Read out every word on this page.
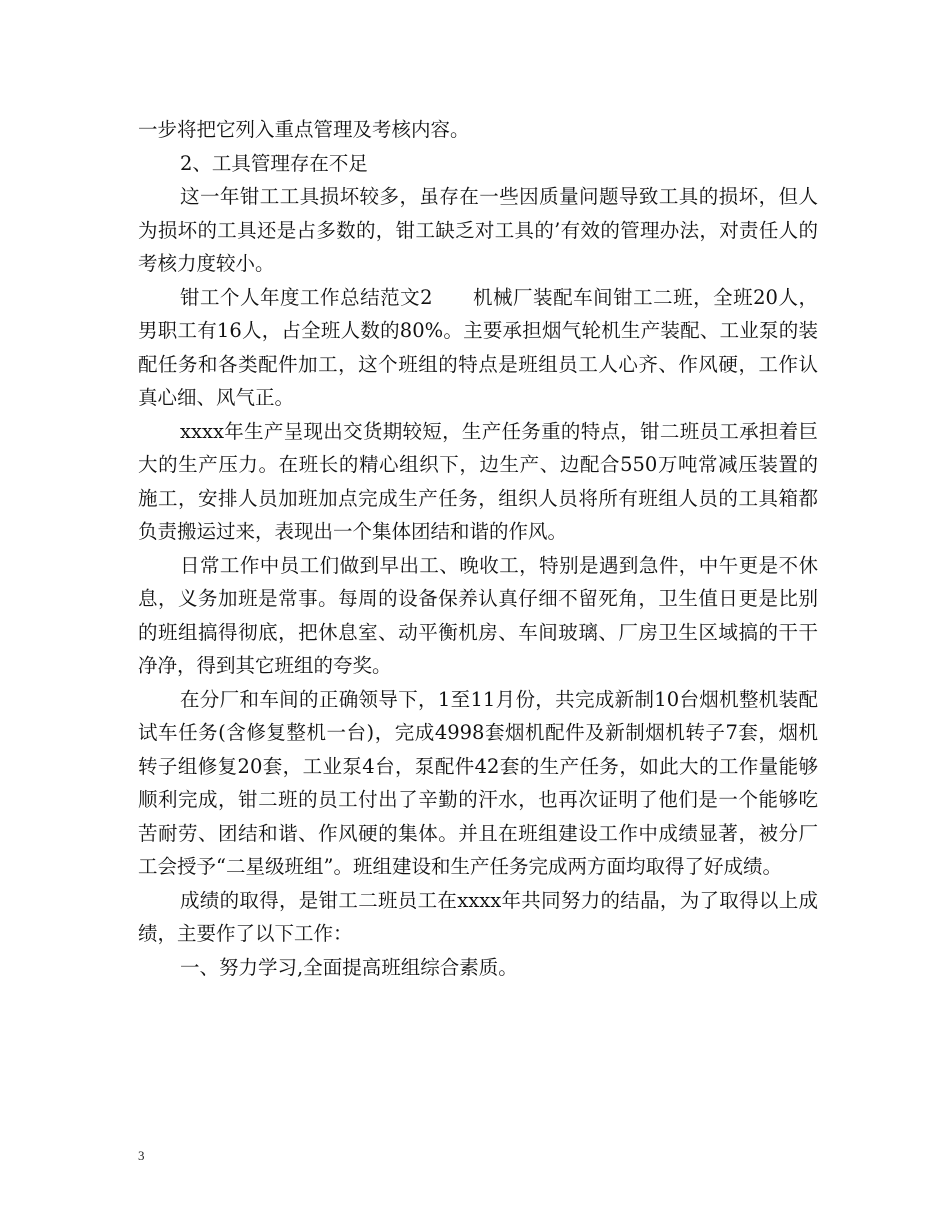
一步将把它列入重点管理及考核内容。

2、工具管理存在不足

这一年钳工工具损坏较多，虽存在一些因质量问题导致工具的损坏，但人为损坏的工具还是占多数的，钳工缺乏对工具的’有效的管理办法，对责任人的考核力度较小。

钳工个人年度工作总结范文2　　机械厂装配车间钳工二班，全班20人，男职工有16人，占全班人数的80%。主要承担烟气轮机生产装配、工业泵的装配任务和各类配件加工，这个班组的特点是班组员工人心齐、作风硬，工作认真心细、风气正。

xxxx年生产呈现出交货期较短，生产任务重的特点，钳二班员工承担着巨大的生产压力。在班长的精心组织下，边生产、边配合550万吨常减压装置的施工，安排人员加班加点完成生产任务，组织人员将所有班组人员的工具箱都负责搬运过来，表现出一个集体团结和谐的作风。

日常工作中员工们做到早出工、晚收工，特别是遇到急件，中午更是不休息，义务加班是常事。每周的设备保养认真仔细不留死角，卫生值日更是比别的班组搞得彻底，把休息室、动平衡机房、车间玻璃、厂房卫生区域搞的干干净净，得到其它班组的夸奖。

在分厂和车间的正确领导下，1至11月份，共完成新制10台烟机整机装配试车任务(含修复整机一台)，完成4998套烟机配件及新制烟机转子7套，烟机转子组修复20套，工业泵4台，泵配件42套的生产任务，如此大的工作量能够顺利完成，钳二班的员工付出了辛勤的汗水，也再次证明了他们是一个能够吃苦耐劳、团结和谐、作风硬的集体。并且在班组建设工作中成绩显著，被分厂工会授予“二星级班组”。班组建设和生产任务完成两方面均取得了好成绩。

成绩的取得，是钳工二班员工在xxxx年共同努力的结晶，为了取得以上成绩，主要作了以下工作：

一、努力学习,全面提高班组综合素质。

3
